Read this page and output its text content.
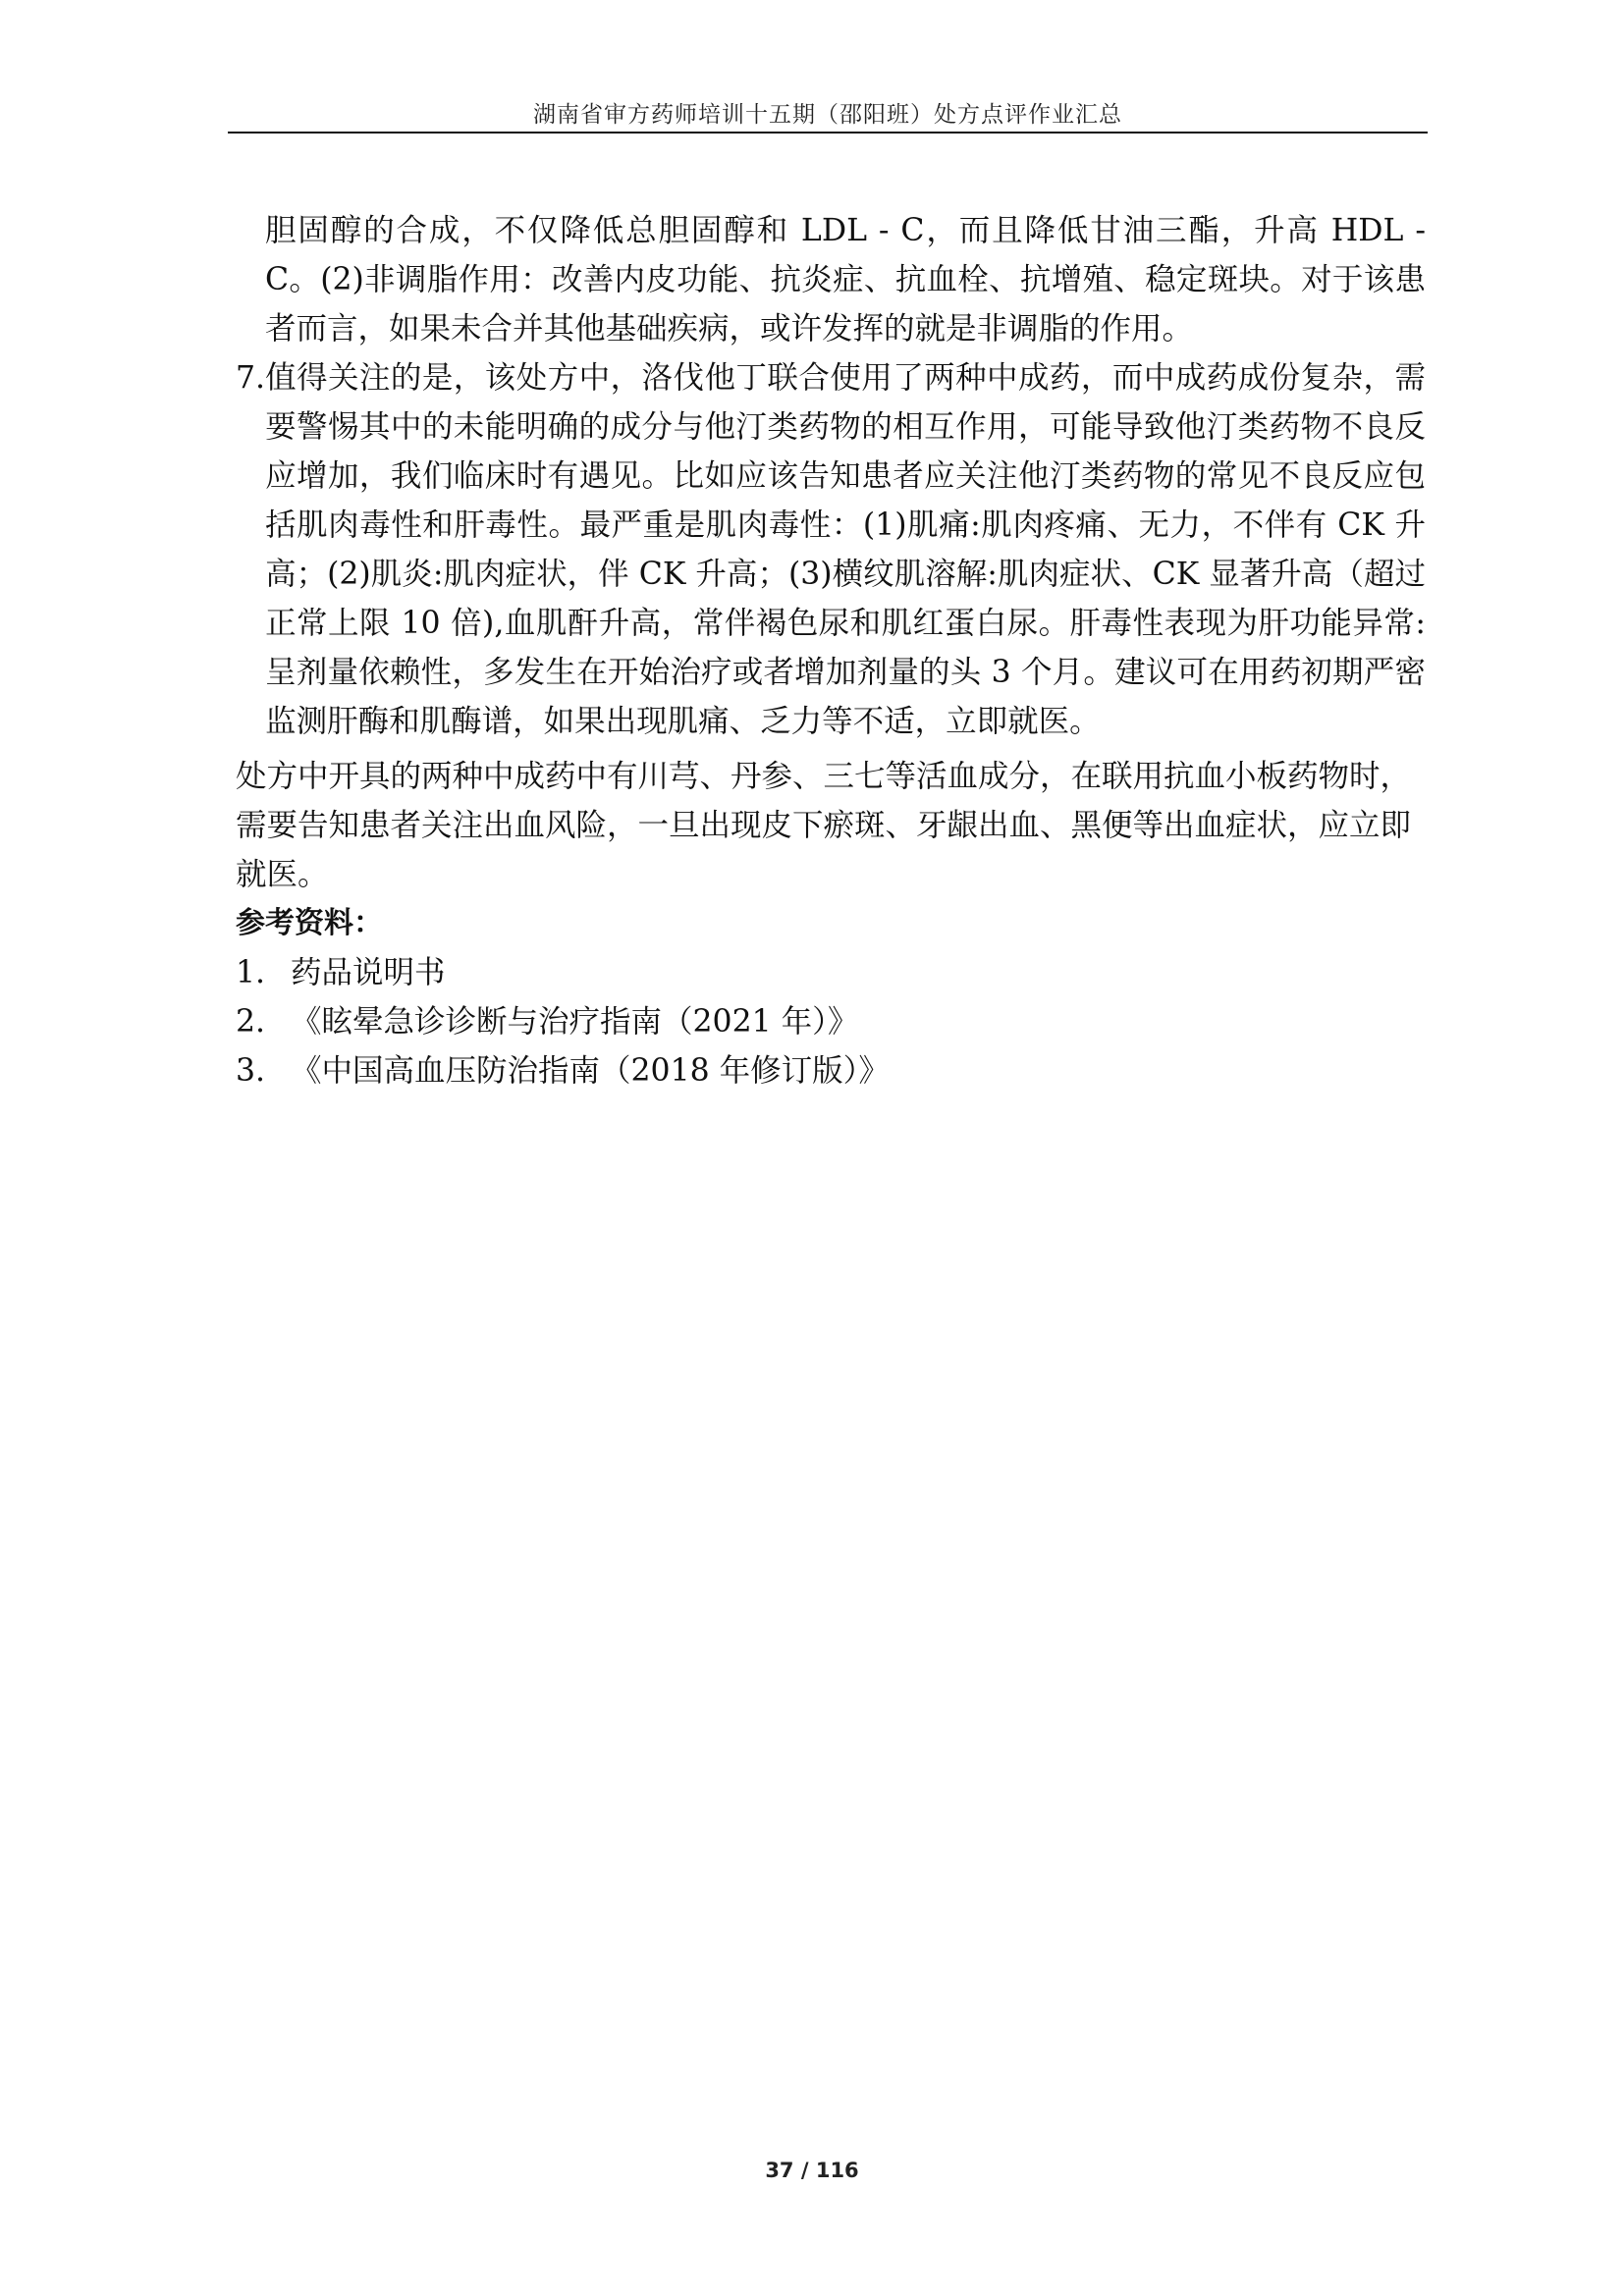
湖南省审方药师培训十五期（邵阳班）处方点评作业汇总

胆固醇的合成，不仅降低总胆固醇和 LDL - C，而且降低甘油三酯，升高 HDL - C。(2)非调脂作用：改善内皮功能、抗炎症、抗血栓、抗增殖、稳定斑块。对于该患者而言，如果未合并其他基础疾病，或许发挥的就是非调脂的作用。

7. 值得关注的是，该处方中，洛伐他丁联合使用了两种中成药，而中成药成份复杂，需要警惕其中的未能明确的成分与他汀类药物的相互作用，可能导致他汀类药物不良反应增加，我们临床时有遇见。比如应该告知患者应关注他汀类药物的常见不良反应包括肌肉毒性和肝毒性。最严重是肌肉毒性：(1)肌痛:肌肉疼痛、无力，不伴有 CK 升高；(2)肌炎:肌肉症状，伴 CK 升高；(3)横纹肌溶解:肌肉症状、CK 显著升高（超过正常上限 10 倍),血肌酐升高，常伴褐色尿和肌红蛋白尿。肝毒性表现为肝功能异常:呈剂量依赖性，多发生在开始治疗或者增加剂量的头 3 个月。建议可在用药初期严密监测肝酶和肌酶谱，如果出现肌痛、乏力等不适，立即就医。

处方中开具的两种中成药中有川芎、丹参、三七等活血成分，在联用抗血小板药物时，需要告知患者关注出血风险，一旦出现皮下瘀斑、牙龈出血、黑便等出血症状，应立即就医。

参考资料：
1. 药品说明书
2. 《眩晕急诊诊断与治疗指南（2021 年）》
3. 《中国高血压防治指南（2018 年修订版）》
37 / 116
